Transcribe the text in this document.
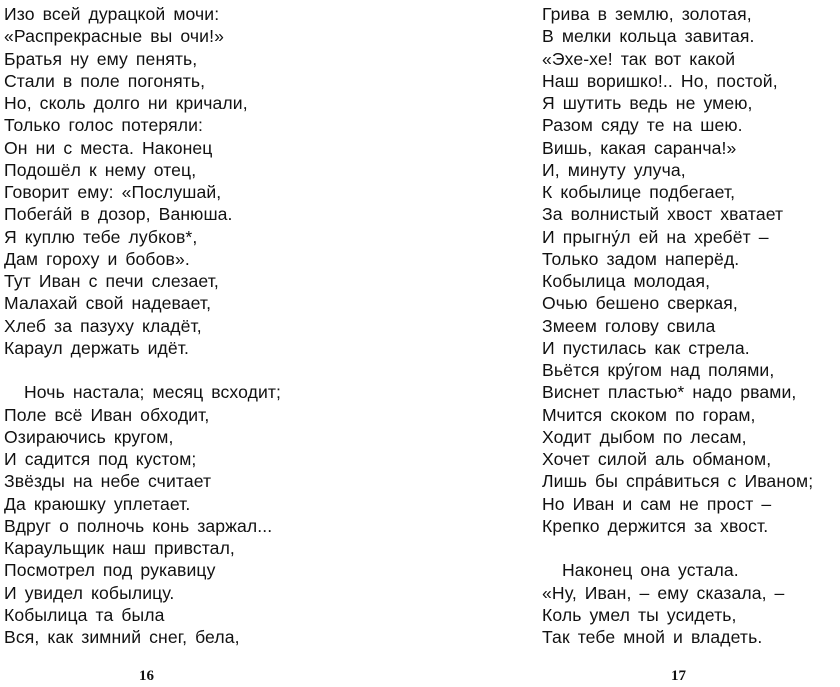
Изо всей дурацкой мочи:
«Распрекрасные вы очи!»
Братья ну ему пенять,
Стали в поле погонять,
Но, сколь долго ни кричали,
Только голос потеряли:
Он ни с места. Наконец
Подошёл к нему отец,
Говорит ему: «Послушай,
Побега́й в дозор, Ванюша.
Я куплю тебе лубков*,
Дам гороху и бобов».
Тут Иван с печи слезает,
Малахай свой надевает,
Хлеб за пазуху кладёт,
Караул держать идёт.
Ночь настала; месяц всходит;
Поле всё Иван обходит,
Озираючись кругом,
И садится под кустом;
Звёзды на небе считает
Да краюшку уплетает.
Вдруг о полночь конь заржал...
Караульщик наш привстал,
Посмотрел под рукавицу
И увидел кобылицу.
Кобылица та была
Вся, как зимний снег, бела,
Грива в землю, золотая,
В мелки кольца завитая.
«Эхе-хе! так вот какой
Наш воришко!.. Но, постой,
Я шутить ведь не умею,
Разом сяду те на шею.
Вишь, какая саранча!»
И, минуту улуча,
К кобылице подбегает,
За волнистый хвост хватает
И прыгну́л ей на хребёт –
Только задом наперёд.
Кобылица молодая,
Очью бешено сверкая,
Змеем голову свила
И пустилась как стрела.
Вьётся кру́гом над полями,
Виснет пластью* надо рвами,
Мчится скоком по горам,
Ходит дыбом по лесам,
Хочет силой аль обманом,
Лишь бы спра́виться с Иваном;
Но Иван и сам не прост –
Крепко держится за хвост.
Наконец она устала.
«Ну, Иван, – ему сказала, –
Коль умел ты усидеть,
Так тебе мной и владеть.
16	17
